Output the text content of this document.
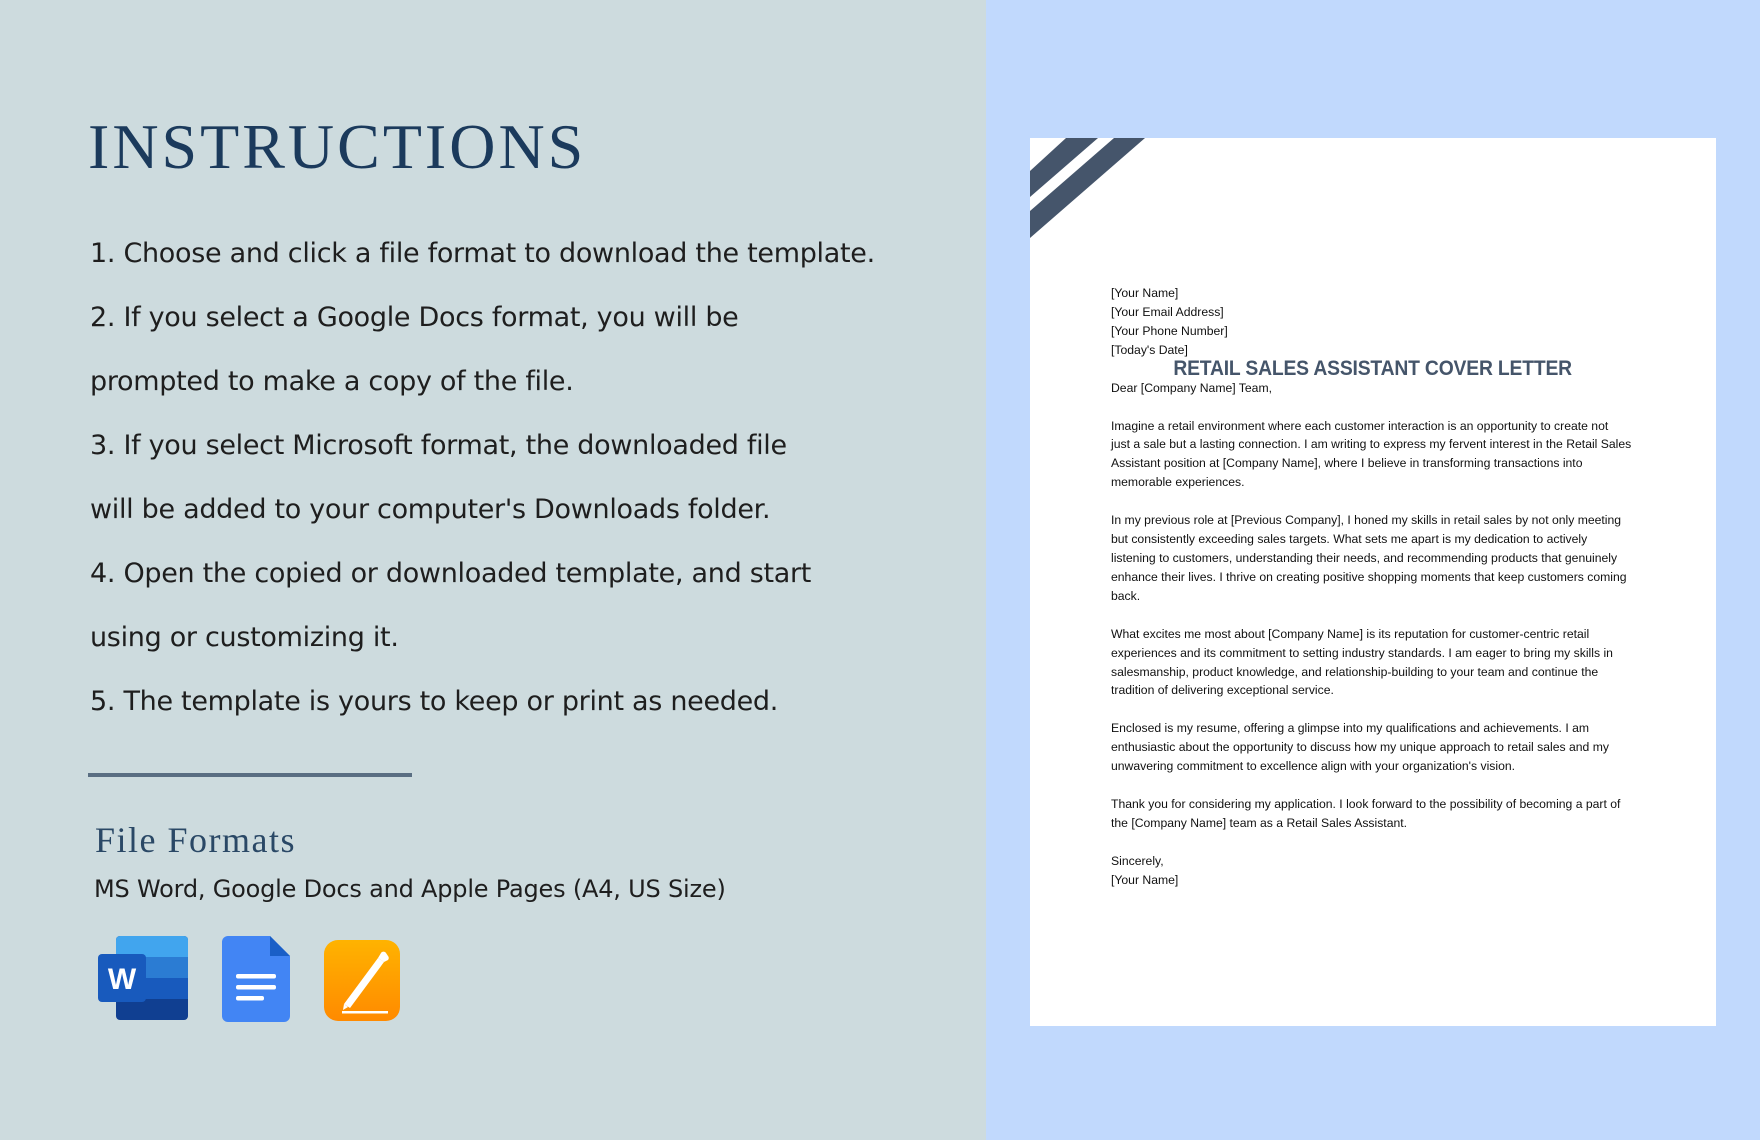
INSTRUCTIONS
1. Choose and click a file format to download the template.
2. If you select a Google Docs format, you will be
prompted to make a copy of the file.
3. If you select Microsoft format, the downloaded file
will be added to your computer's Downloads folder.
4. Open the copied or downloaded template, and start
using or customizing it.
5. The template is yours to keep or print as needed.
File Formats
MS Word, Google Docs and Apple Pages (A4, US Size)
W
RETAIL SALES ASSISTANT COVER LETTER

[Your Name]

[Your Email Address]

[Your Phone Number]

[Today's Date]

Dear [Company Name] Team,

Imagine a retail environment where each customer interaction is an opportunity to create not

just a sale but a lasting connection. I am writing to express my fervent interest in the Retail Sales

Assistant position at [Company Name], where I believe in transforming transactions into

memorable experiences.

In my previous role at [Previous Company], I honed my skills in retail sales by not only meeting

but consistently exceeding sales targets. What sets me apart is my dedication to actively

listening to customers, understanding their needs, and recommending products that genuinely

enhance their lives. I thrive on creating positive shopping moments that keep customers coming

back.

What excites me most about [Company Name] is its reputation for customer-centric retail

experiences and its commitment to setting industry standards. I am eager to bring my skills in

salesmanship, product knowledge, and relationship-building to your team and continue the

tradition of delivering exceptional service.

Enclosed is my resume, offering a glimpse into my qualifications and achievements. I am

enthusiastic about the opportunity to discuss how my unique approach to retail sales and my

unwavering commitment to excellence align with your organization's vision.

Thank you for considering my application. I look forward to the possibility of becoming a part of

the [Company Name] team as a Retail Sales Assistant.

Sincerely,

[Your Name]
